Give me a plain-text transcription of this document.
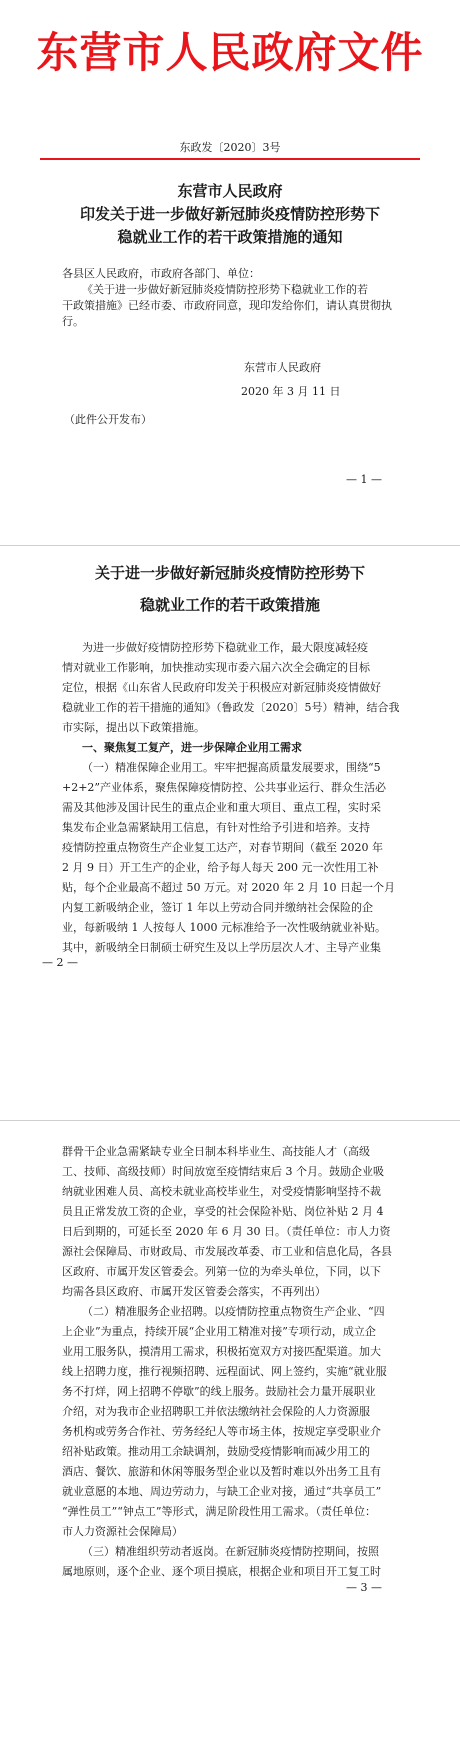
东营市人民政府文件
东政发〔2020〕3号
东营市人民政府
印发关于进一步做好新冠肺炎疫情防控形势下
稳就业工作的若干政策措施的通知
各县区人民政府，市政府各部门、单位：
《关于进一步做好新冠肺炎疫情防控形势下稳就业工作的若
干政策措施》已经市委、市政府同意，现印发给你们，请认真贯彻执
行。
东营市人民政府
2020 年 3 月 11 日
（此件公开发布）
— 1 —
关于进一步做好新冠肺炎疫情防控形势下
稳就业工作的若干政策措施
为进一步做好疫情防控形势下稳就业工作，最大限度减轻疫
情对就业工作影响，加快推动实现市委六届六次全会确定的目标
定位，根据《山东省人民政府印发关于积极应对新冠肺炎疫情做好
稳就业工作的若干措施的通知》（鲁政发〔2020〕5号）精神，结合我
市实际，提出以下政策措施。
一、聚焦复工复产，进一步保障企业用工需求
（一）精准保障企业用工。牢牢把握高质量发展要求，围绕“5
+2+2”产业体系，聚焦保障疫情防控、公共事业运行、群众生活必
需及其他涉及国计民生的重点企业和重大项目、重点工程，实时采
集发布企业急需紧缺用工信息，有针对性给予引进和培养。支持
疫情防控重点物资生产企业复工达产，对春节期间（截至 2020 年
2 月 9 日）开工生产的企业，给予每人每天 200 元一次性用工补
贴，每个企业最高不超过 50 万元。对 2020 年 2 月 10 日起一个月
内复工新吸纳企业，签订 1 年以上劳动合同并缴纳社会保险的企
业，每新吸纳 1 人按每人 1000 元标准给予一次性吸纳就业补贴。
其中，新吸纳全日制硕士研究生及以上学历层次人才、主导产业集
— 2 —
群骨干企业急需紧缺专业全日制本科毕业生、高技能人才（高级
工、技师、高级技师）时间放宽至疫情结束后 3 个月。鼓励企业吸
纳就业困难人员、高校未就业高校毕业生，对受疫情影响坚持不裁
员且正常发放工资的企业，享受的社会保险补贴、岗位补贴 2 月 4
日后到期的，可延长至 2020 年 6 月 30 日。（责任单位：市人力资
源社会保障局、市财政局、市发展改革委、市工业和信息化局，各县
区政府、市属开发区管委会。列第一位的为牵头单位，下同，以下
均需各县区政府、市属开发区管委会落实，不再列出）
（二）精准服务企业招聘。以疫情防控重点物资生产企业、“四
上企业”为重点，持续开展“企业用工精准对接”专项行动，成立企
业用工服务队，摸清用工需求，积极拓宽双方对接匹配渠道。加大
线上招聘力度，推行视频招聘、远程面试、网上签约，实施“就业服
务不打烊，网上招聘不停歇”的线上服务。鼓励社会力量开展职业
介绍，对为我市企业招聘职工并依法缴纳社会保险的人力资源服
务机构或劳务合作社、劳务经纪人等市场主体，按规定享受职业介
绍补贴政策。推动用工余缺调剂，鼓励受疫情影响而减少用工的
酒店、餐饮、旅游和休闲等服务型企业以及暂时难以外出务工且有
就业意愿的本地、周边劳动力，与缺工企业对接，通过“共享员工”
“弹性员工”“钟点工”等形式，满足阶段性用工需求。（责任单位：
市人力资源社会保障局）
（三）精准组织劳动者返岗。在新冠肺炎疫情防控期间，按照
属地原则，逐个企业、逐个项目摸底，根据企业和项目开工复工时
— 3 —
